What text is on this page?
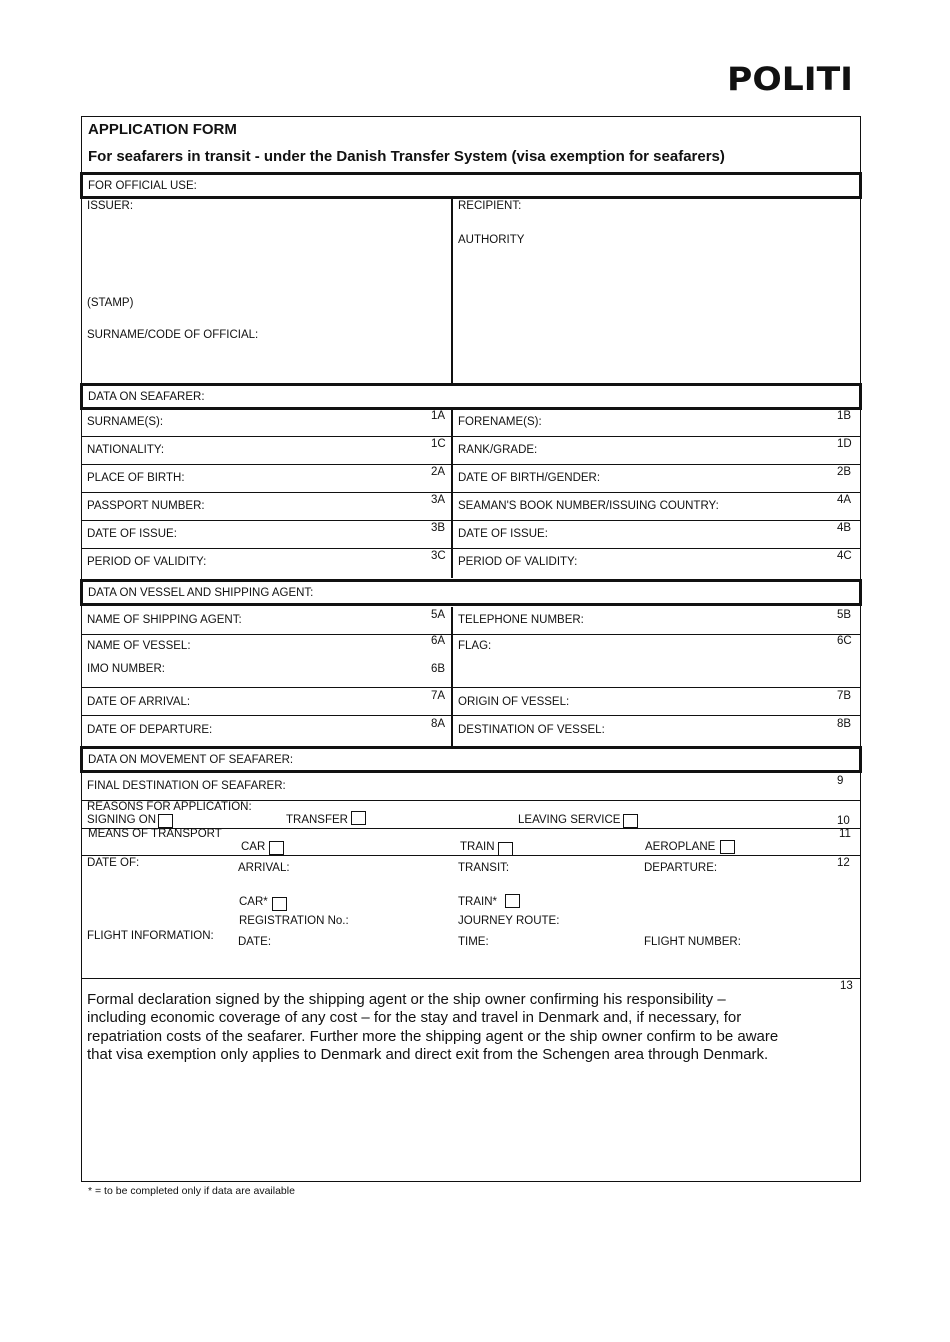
POLITI
APPLICATION FORM
For seafarers in transit - under the Danish Transfer System (visa exemption for seafarers)
FOR OFFICIAL USE:
ISSUER:
(STAMP)
SURNAME/CODE OF OFFICIAL:
RECIPIENT:
AUTHORITY
DATA ON SEAFARER:
SURNAME(S):	1A FORENAME(S):	1B
NATIONALITY:	1C RANK/GRADE:	1D
PLACE OF BIRTH:	2A DATE OF BIRTH/GENDER:	2B
PASSPORT NUMBER:	3A SEAMAN'S BOOK NUMBER/ISSUING COUNTRY:	4A
DATE OF ISSUE:	3B DATE OF ISSUE:	4B
PERIOD OF VALIDITY:	3C PERIOD OF VALIDITY:	4C
DATA ON VESSEL AND SHIPPING AGENT:
NAME OF SHIPPING AGENT:	5A TELEPHONE NUMBER:	5B
NAME OF VESSEL:	6A
IMO NUMBER:	6B
FLAG:	6C
DATE OF ARRIVAL:	7A ORIGIN OF VESSEL:	7B
DATE OF DEPARTURE:	8A DESTINATION OF VESSEL:	8B
DATA ON MOVEMENT OF SEAFARER:
FINAL DESTINATION OF SEAFARER:	9
REASONS FOR APPLICATION:
SIGNING ON	TRANSFER	LEAVING SERVICE	10
MEANS OF TRANSPORT	11
CAR	TRAIN	AEROPLANE
DATE OF:	ARRIVAL:	TRANSIT:	DEPARTURE:	12
CAR*	TRAIN*
REGISTRATION No.:	JOURNEY ROUTE:
FLIGHT INFORMATION: DATE:	TIME:	FLIGHT NUMBER:
13
Formal declaration signed by the shipping agent or the ship owner confirming his responsibility –
including economic coverage of any cost – for the stay and travel in Denmark and, if necessary, for
repatriation costs of the seafarer. Further more the shipping agent or the ship owner confirm to be aware
that visa exemption only applies to Denmark and direct exit from the Schengen area through Denmark.
* = to be completed only if data are available
